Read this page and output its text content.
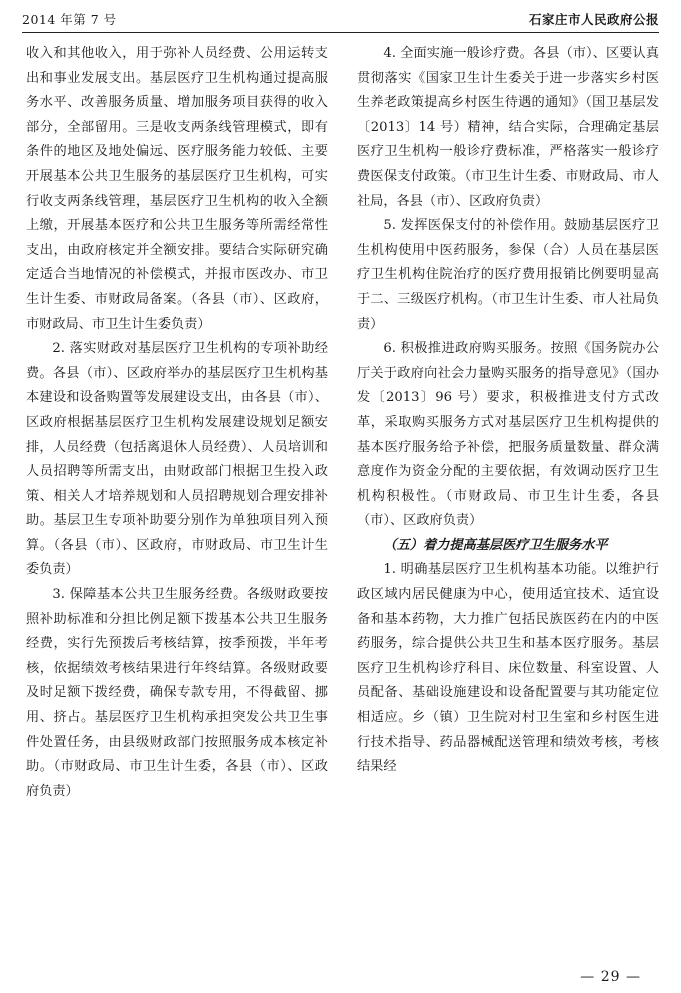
2014 年第 7 号	石家庄市人民政府公报

收入和其他收入，用于弥补人员经费、公用运转支出和事业发展支出。基层医疗卫生机构通过提高服务水平、改善服务质量、增加服务项目获得的收入部分，全部留用。三是收支两条线管理模式，即有条件的地区及地处偏远、医疗服务能力较低、主要开展基本公共卫生服务的基层医疗卫生机构，可实行收支两条线管理，基层医疗卫生机构的收入全额上缴，开展基本医疗和公共卫生服务等所需经常性支出，由政府核定并全额安排。要结合实际研究确定适合当地情况的补偿模式，并报市医改办、市卫生计生委、市财政局备案。（各县（市）、区政府，市财政局、市卫生计生委负责）

2. 落实财政对基层医疗卫生机构的专项补助经费。各县（市）、区政府举办的基层医疗卫生机构基本建设和设备购置等发展建设支出，由各县（市）、区政府根据基层医疗卫生机构发展建设规划足额安排，人员经费（包括离退休人员经费）、人员培训和人员招聘等所需支出，由财政部门根据卫生投入政策、相关人才培养规划和人员招聘规划合理安排补助。基层卫生专项补助要分别作为单独项目列入预算。（各县（市）、区政府，市财政局、市卫生计生委负责）

3. 保障基本公共卫生服务经费。各级财政要按照补助标准和分担比例足额下拨基本公共卫生服务经费，实行先预拨后考核结算，按季预拨，半年考核，依据绩效考核结果进行年终结算。各级财政要及时足额下拨经费，确保专款专用，不得截留、挪用、挤占。基层医疗卫生机构承担突发公共卫生事件处置任务，由县级财政部门按照服务成本核定补助。（市财政局、市卫生计生委，各县（市）、区政府负责）

4. 全面实施一般诊疗费。各县（市）、区要认真贯彻落实《国家卫生计生委关于进一步落实乡村医生养老政策提高乡村医生待遇的通知》（国卫基层发〔2013〕14 号）精神，结合实际，合理确定基层医疗卫生机构一般诊疗费标准，严格落实一般诊疗费医保支付政策。（市卫生计生委、市财政局、市人社局，各县（市）、区政府负责）

5. 发挥医保支付的补偿作用。鼓励基层医疗卫生机构使用中医药服务，参保（合）人员在基层医疗卫生机构住院治疗的医疗费用报销比例要明显高于二、三级医疗机构。（市卫生计生委、市人社局负责）

6. 积极推进政府购买服务。按照《国务院办公厅关于政府向社会力量购买服务的指导意见》（国办发〔2013〕96 号）要求，积极推进支付方式改革，采取购买服务方式对基层医疗卫生机构提供的基本医疗服务给予补偿，把服务质量数量、群众满意度作为资金分配的主要依据，有效调动医疗卫生机构积极性。（市财政局、市卫生计生委，各县（市）、区政府负责）

（五）着力提高基层医疗卫生服务水平

1. 明确基层医疗卫生机构基本功能。以维护行政区域内居民健康为中心，使用适宜技术、适宜设备和基本药物，大力推广包括民族医药在内的中医药服务，综合提供公共卫生和基本医疗服务。基层医疗卫生机构诊疗科目、床位数量、科室设置、人员配备、基础设施建设和设备配置要与其功能定位相适应。乡（镇）卫生院对村卫生室和乡村医生进行技术指导、药品器械配送管理和绩效考核，考核结果经

— 29 —
